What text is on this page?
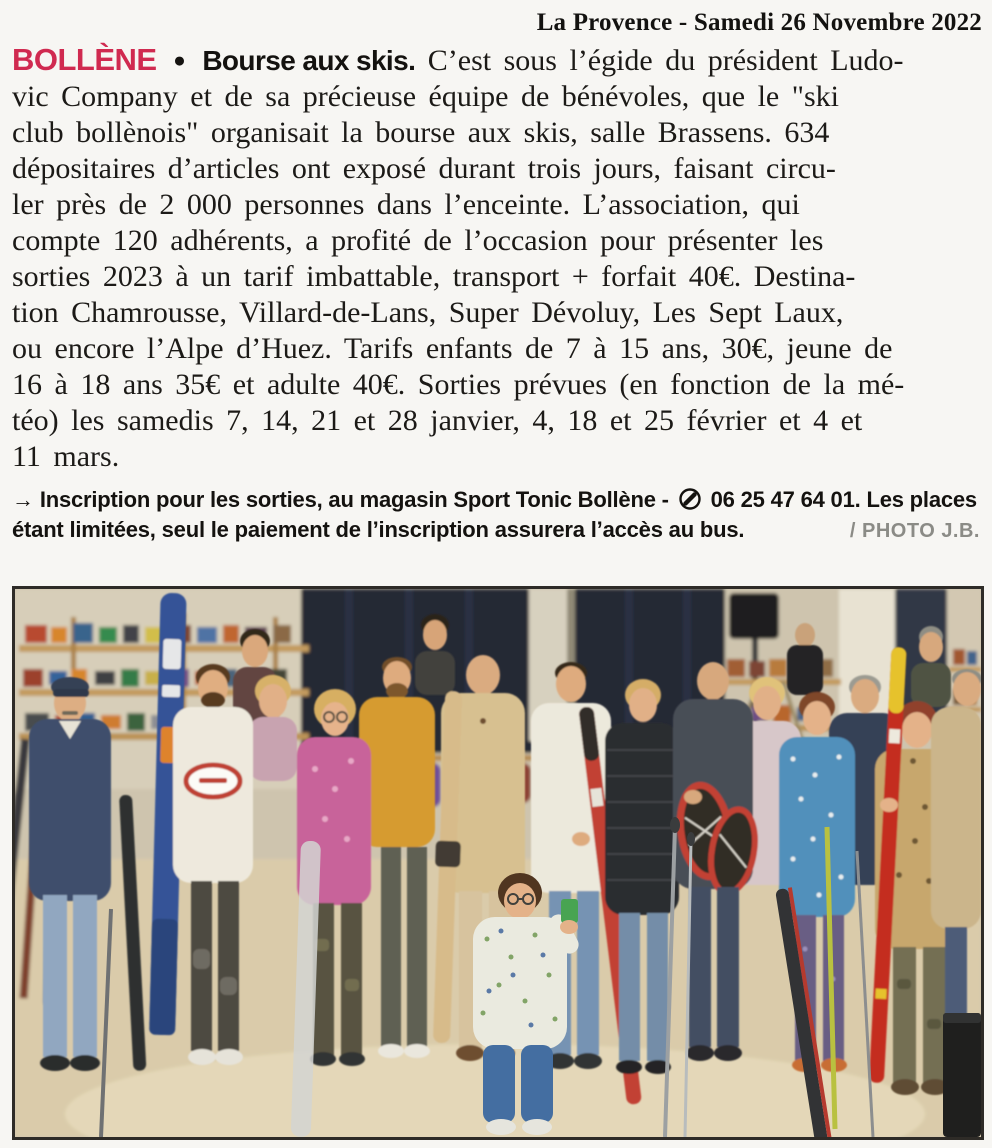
La Provence - Samedi 26 Novembre 2022
BOLLÈNE ● Bourse aux skis. C’est sous l’égide du président Ludo-
vic Company et de sa précieuse équipe de bénévoles, que le "ski
club bollènois" organisait la bourse aux skis, salle Brassens. 634
dépositaires d’articles ont exposé durant trois jours, faisant circu-
ler près de 2 000 personnes dans l’enceinte. L’association, qui
compte 120 adhérents, a profité de l’occasion pour présenter les
sorties 2023 à un tarif imbattable, transport + forfait 40€. Destina-
tion Chamrousse, Villard-de-Lans, Super Dévoluy, Les Sept Laux,
ou encore l’Alpe d’Huez. Tarifs enfants de 7 à 15 ans, 30€, jeune de
16 à 18 ans 35€ et adulte 40€. Sorties prévues (en fonction de la mé-
téo) les samedis 7, 14, 21 et 28 janvier, 4, 18 et 25 février et 4 et
11 mars.
→ Inscription pour les sorties, au magasin Sport Tonic Bollène - 06 25 47 64 01. Les places
étant limitées, seul le paiement de l’inscription assurera l’accès au bus.	/ PHOTO J.B.
